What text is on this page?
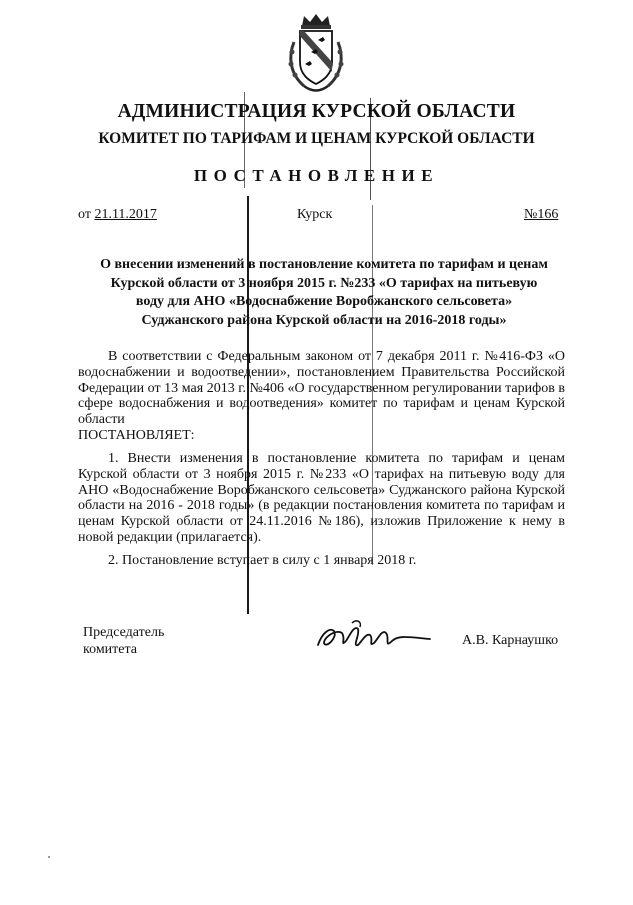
АДМИНИСТРАЦИЯ КУРСКОЙ ОБЛАСТИ
КОМИТЕТ ПО ТАРИФАМ И ЦЕНАМ КУРСКОЙ ОБЛАСТИ
ПОСТАНОВЛЕНИЕ
от 21.11.2017	Курск	№166
О внесении изменений в постановление комитета по тарифам и ценам
Курской области от 3 ноября 2015 г. №233 «О тарифах на питьевую
воду для АНО «Водоснабжение Воробжанского сельсовета»
Суджанского района Курской области на 2016-2018 годы»

В соответствии с Федеральным законом от 7 декабря 2011 г. №416-ФЗ «О водоснабжении и водоотведении», постановлением Правительства Российской Федерации от 13 мая 2013 г. №406 «О государственном регулировании тарифов в сфере водоснабжения и водоотведения» комитет по тарифам и ценам Курской области

ПОСТАНОВЛЯЕТ:

1. Внести изменения в постановление комитета по тарифам и ценам Курской области от 3 ноября 2015 г. №233 «О тарифах на питьевую воду для АНО «Водоснабжение Воробжанского сельсовета» Суджанского района Курской области на 2016 - 2018 годы» (в редакции постановления комитета по тарифам и ценам Курской области от 24.11.2016 №186), изложив Приложение к нему в новой редакции (прилагается).

2. Постановление вступает в силу с 1 января 2018 г.

Председатель
комитета
А.В. Карнаушко
